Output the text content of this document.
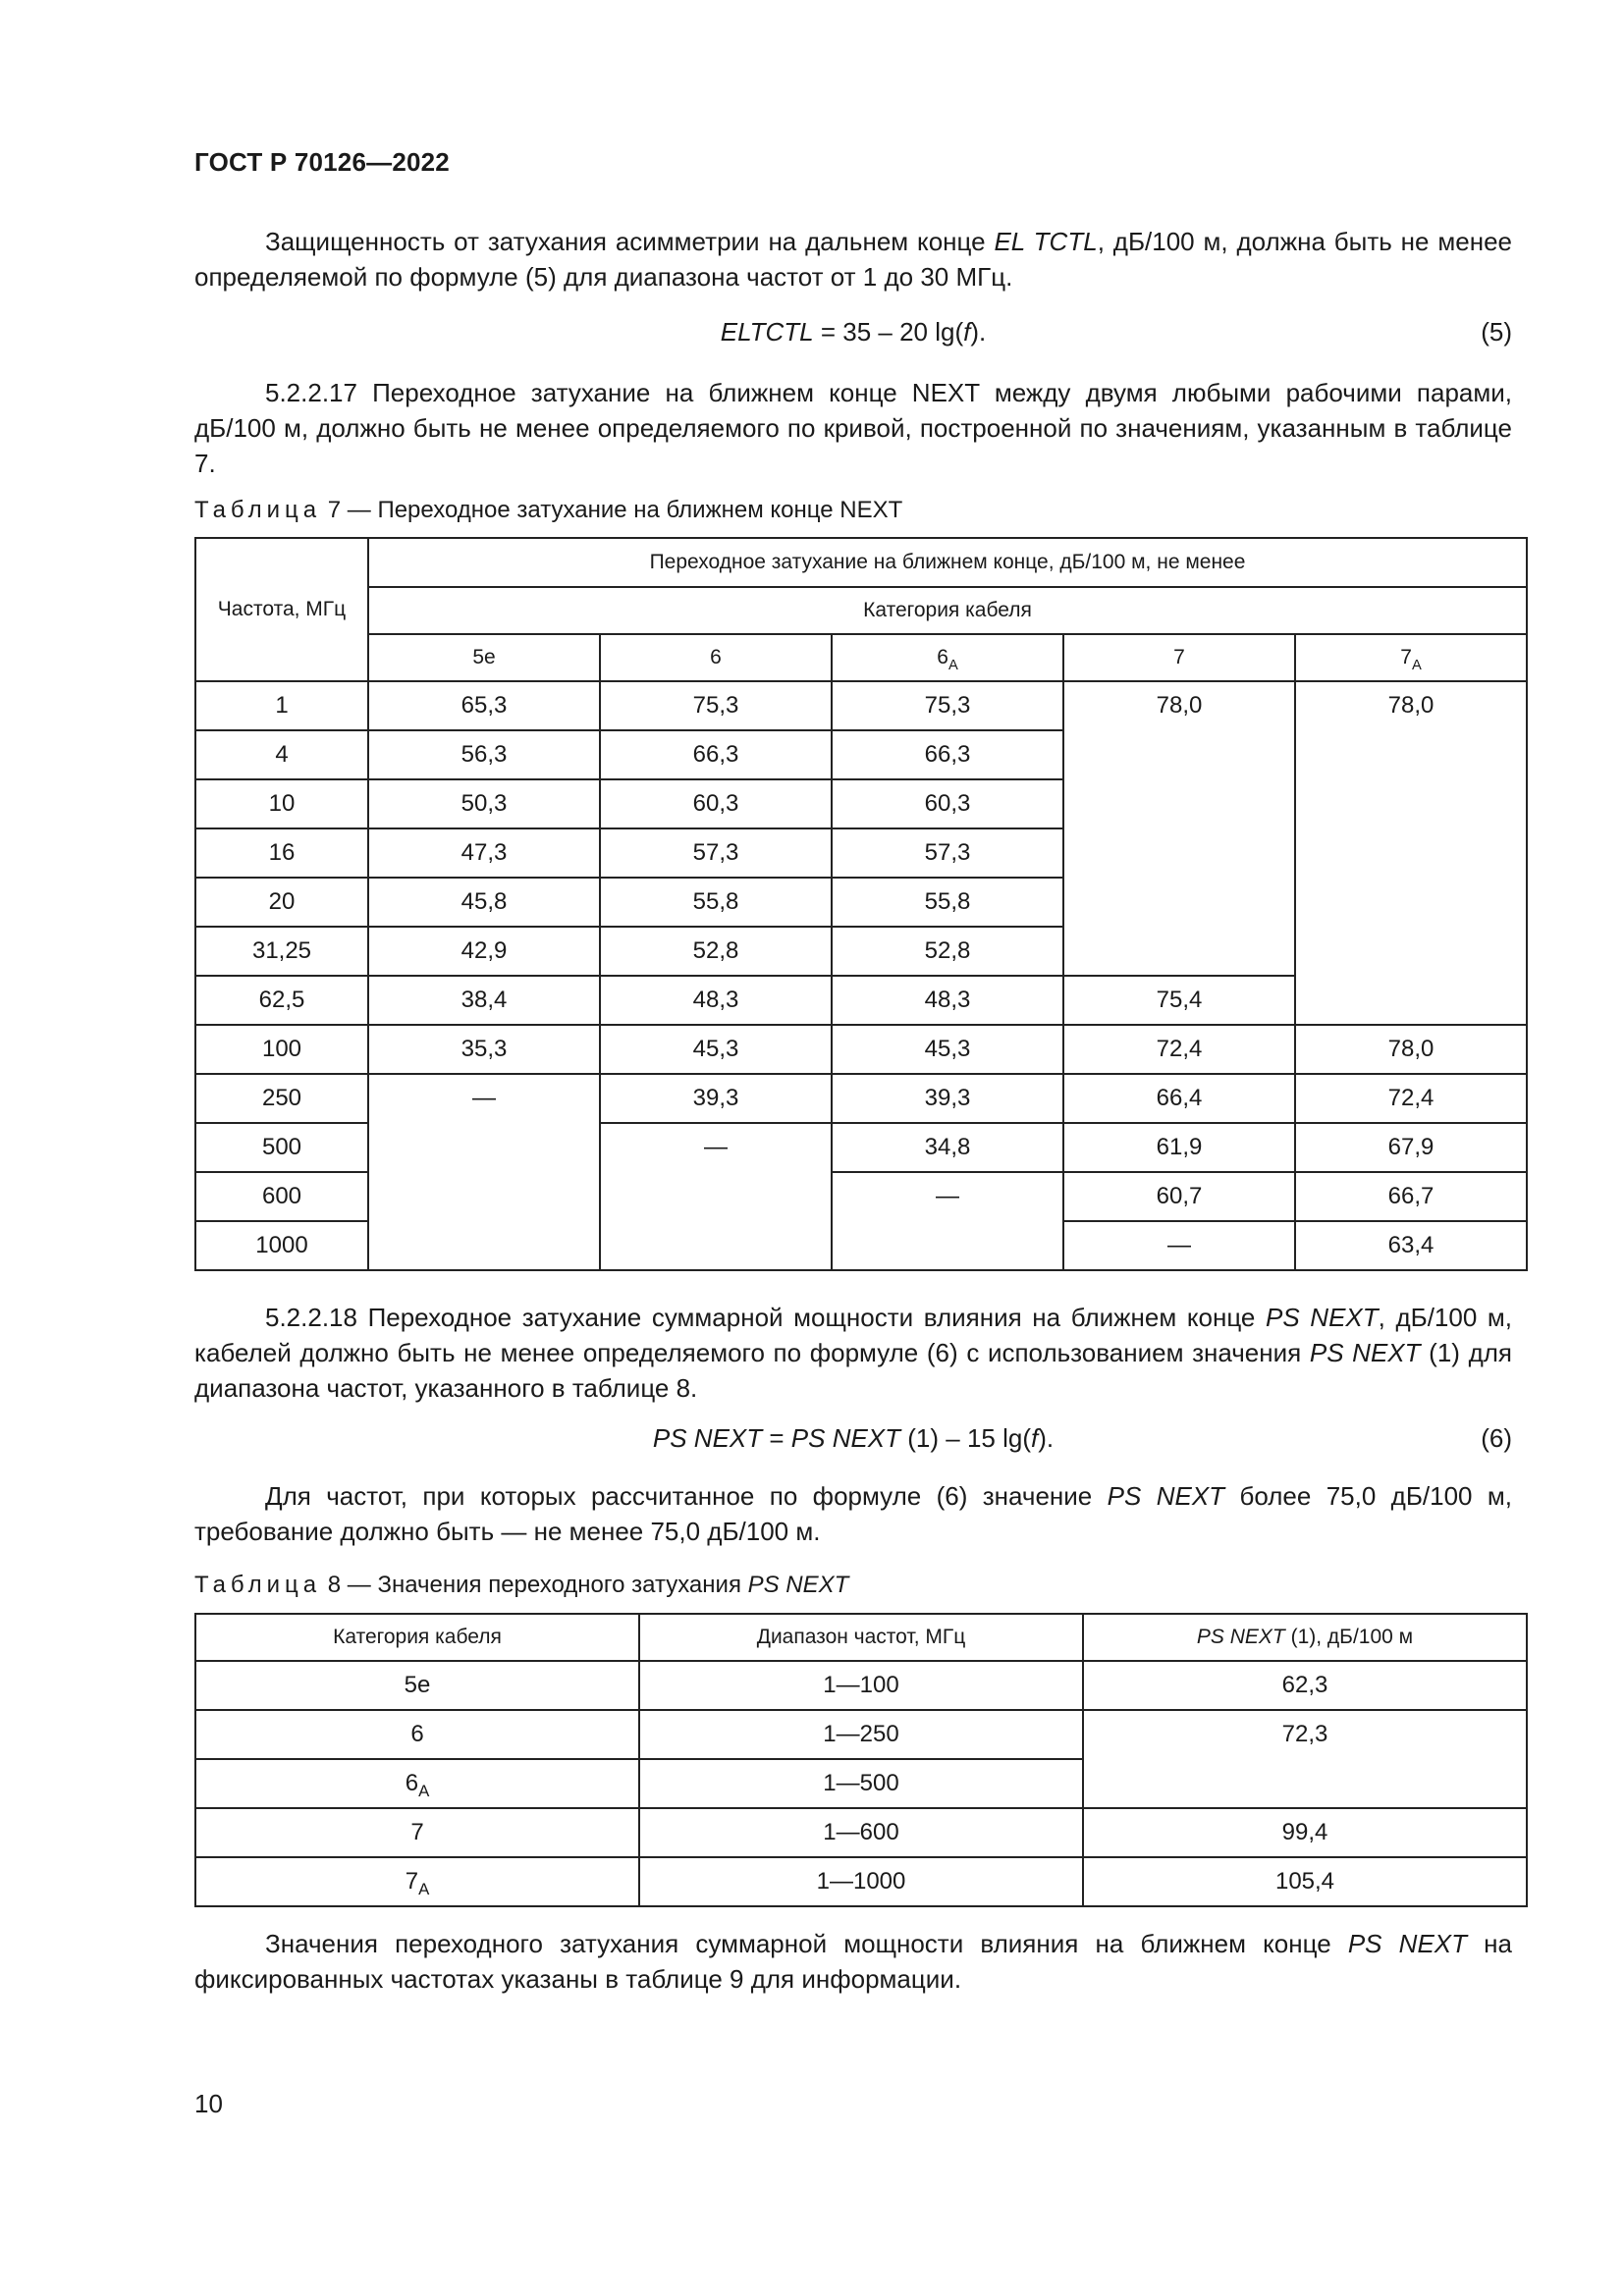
ГОСТ Р 70126—2022

Защищенность от затухания асимметрии на дальнем конце EL TCTL, дБ/100 м, должна быть не менее определяемой по формуле (5) для диапазона частот от 1 до 30 МГц.

ELTCTL = 35 – 20 lg(f).	(5)

5.2.2.17 Переходное затухание на ближнем конце NEXT между двумя любыми рабочими парами, дБ/100 м, должно быть не менее определяемого по кривой, построенной по значениям, указанным в таблице 7.

Таблица 7 — Переходное затухание на ближнем конце NEXT
Частота, МГц	Переходное затухание на ближнем конце, дБ/100 м, не менее				
	Категория кабеля				
	5e	6	$6_А$	7	$7_А$
1	65,3	75,3	75,3	78,0	78,0
4	56,3	66,3	66,3		
10	50,3	60,3	60,3		
16	47,3	57,3	57,3		
20	45,8	55,8	55,8		
31,25	42,9	52,8	52,8		
62,5	38,4	48,3	48,3	75,4	
100	35,3	45,3	45,3	72,4	78,0
250	—	39,3	39,3	66,4	72,4
500		—	34,8	61,9	67,9
600			—	60,7	66,7
1000				—	63,4

5.2.2.18 Переходное затухание суммарной мощности влияния на ближнем конце PS NEXT, дБ/100 м, кабелей должно быть не менее определяемого по формуле (6) с использованием значения PS NEXT (1) для диапазона частот, указанного в таблице 8.

PS NEXT = PS NEXT (1) – 15 lg(f).	(6)

Для частот, при которых рассчитанное по формуле (6) значение PS NEXT более 75,0 дБ/100 м, требование должно быть — не менее 75,0 дБ/100 м.

Таблица 8 — Значения переходного затухания PS NEXT
Категория кабеля	Диапазон частот, МГц	PS NEXT (1), дБ/100 м
5e	1—100	62,3
6	1—250	72,3
$6_А$	1—500	
7	1—600	99,4
$7_А$	1—1000	105,4

Значения переходного затухания суммарной мощности влияния на ближнем конце PS NEXT на фиксированных частотах указаны в таблице 9 для информации.

10
